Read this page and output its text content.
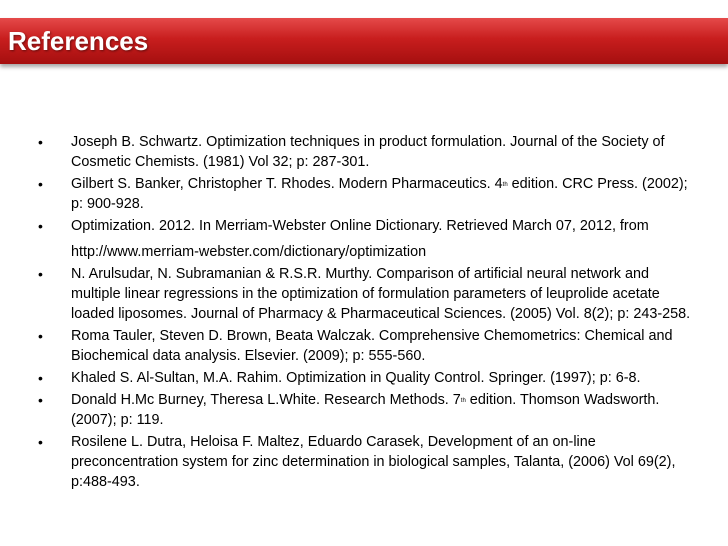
References
• Joseph B. Schwartz. Optimization techniques in product formulation. Journal of the Society of Cosmetic Chemists. (1981) Vol 32; p: 287-301.
• Gilbert S. Banker, Christopher T. Rhodes. Modern Pharmaceutics. 4th edition. CRC Press. (2002); p: 900-928.
• Optimization. 2012. In Merriam-Webster Online Dictionary. Retrieved March 07, 2012, from
http://www.merriam-webster.com/dictionary/optimization
• N. Arulsudar, N. Subramanian & R.S.R. Murthy. Comparison of artificial neural network and multiple linear regressions in the optimization of formulation parameters of leuprolide acetate loaded liposomes. Journal of Pharmacy & Pharmaceutical Sciences. (2005) Vol. 8(2); p: 243-258.
• Roma Tauler, Steven D. Brown, Beata Walczak. Comprehensive Chemometrics: Chemical and Biochemical data analysis. Elsevier. (2009); p: 555-560.
• Khaled S. Al-Sultan, M.A. Rahim. Optimization in Quality Control. Springer. (1997); p: 6-8.
• Donald H.Mc Burney, Theresa L.White. Research Methods. 7th edition. Thomson Wadsworth. (2007); p: 119.
• Rosilene L. Dutra, Heloisa F. Maltez, Eduardo Carasek, Development of an on-line preconcentration system for zinc determination in biological samples, Talanta, (2006) Vol 69(2), p:488-493.
